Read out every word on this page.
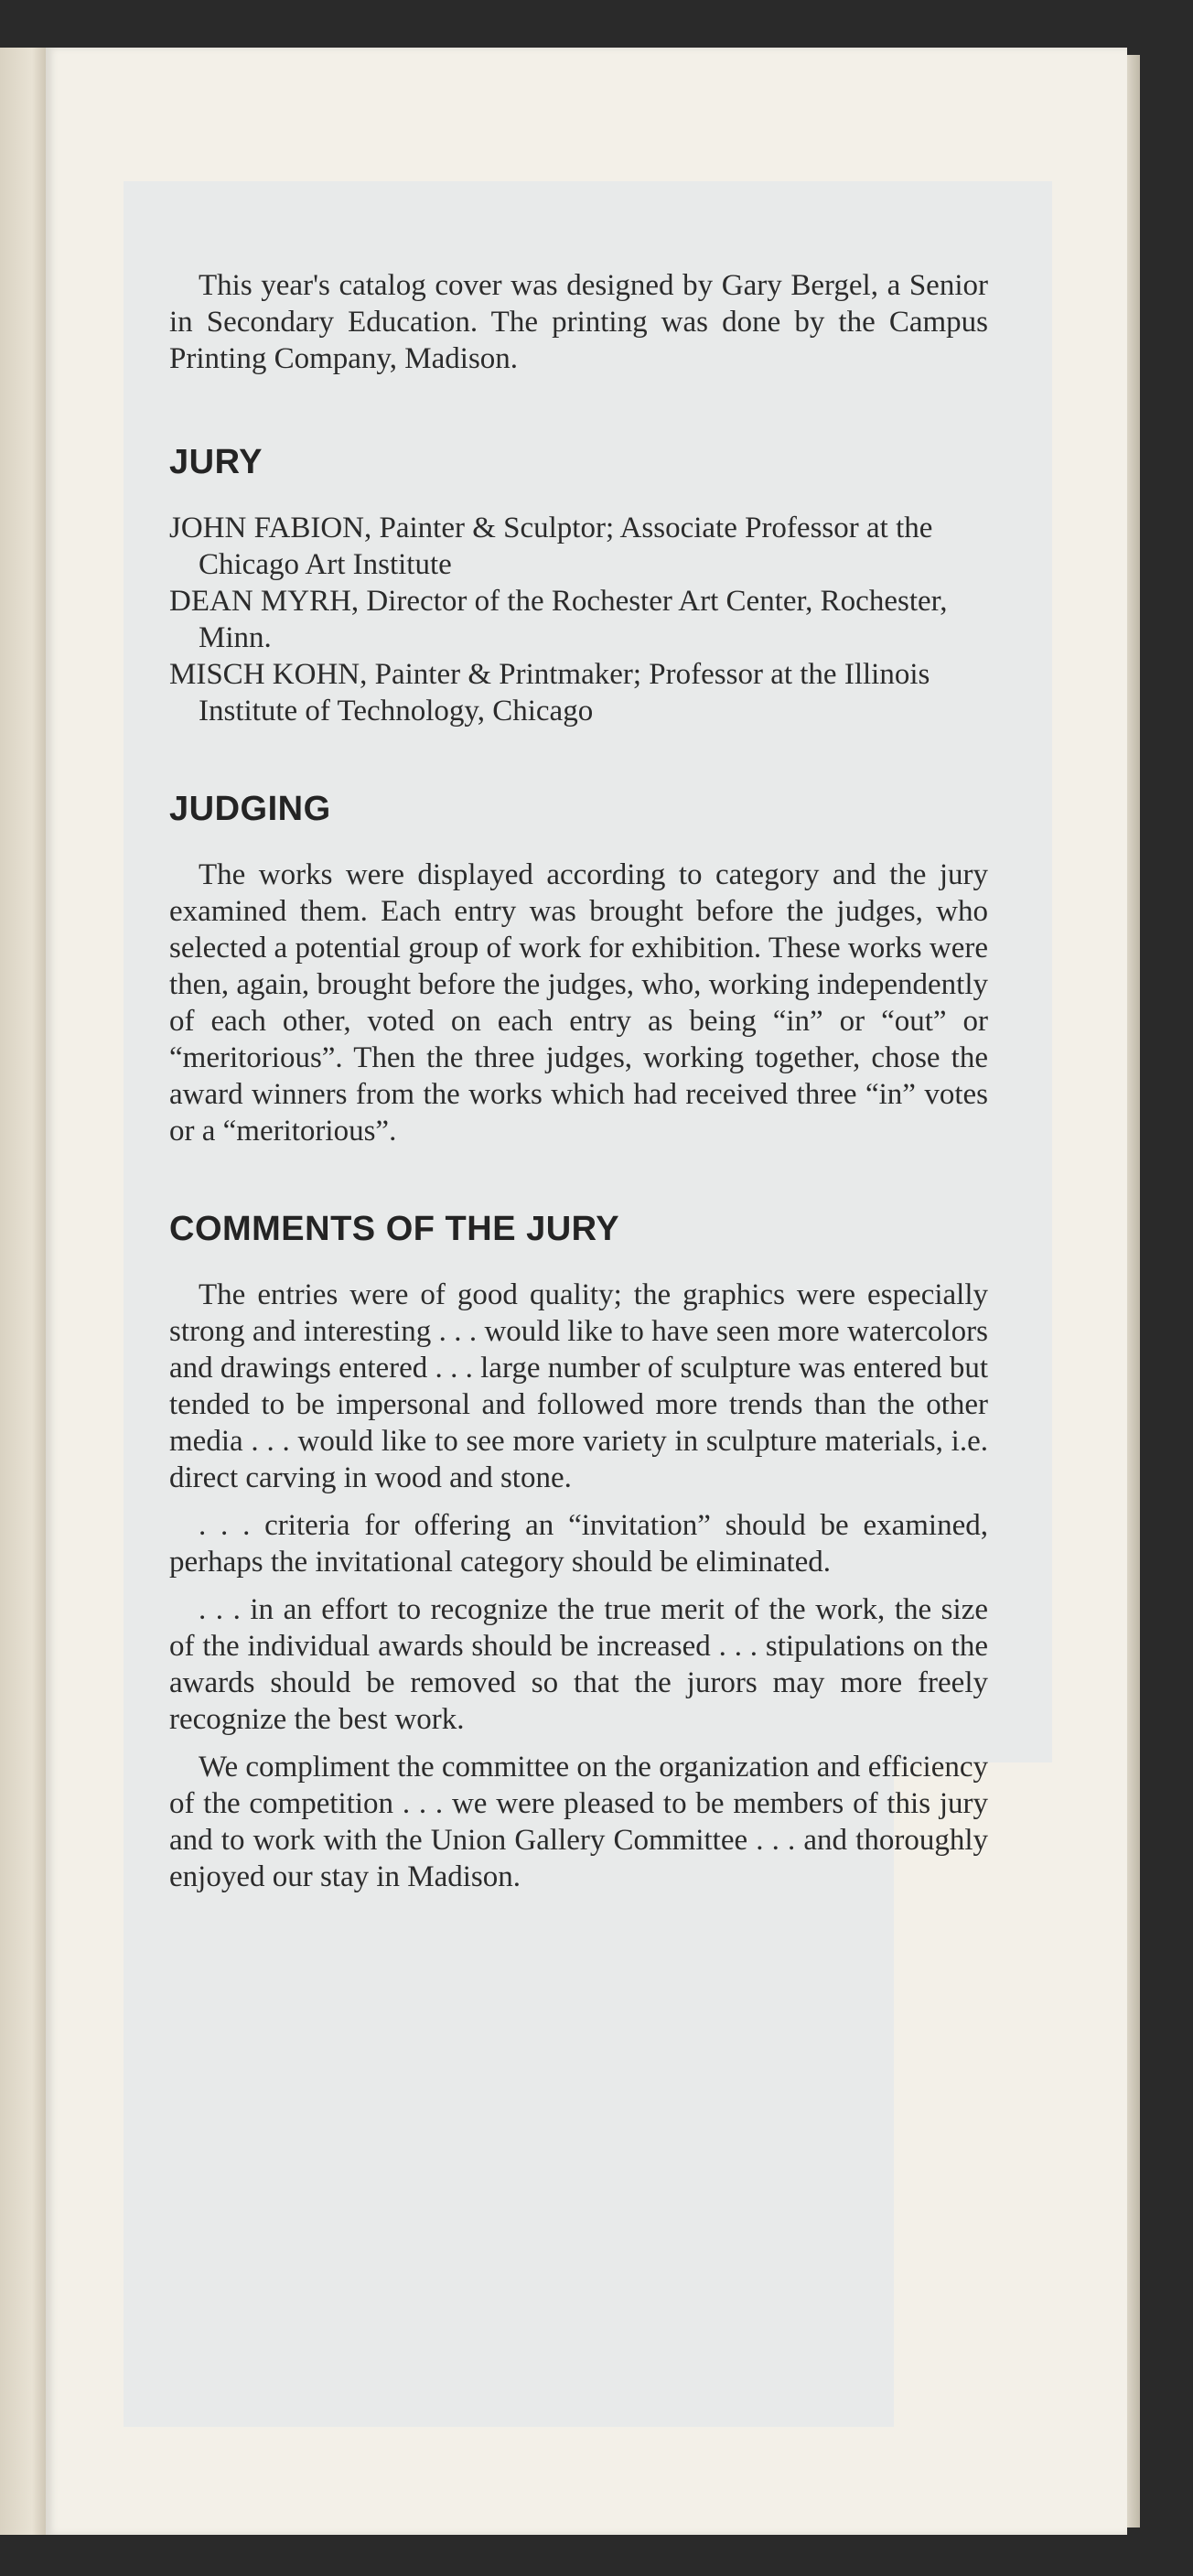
This year's catalog cover was designed by Gary Bergel, a Senior in Secondary Education. The printing was done by the Campus Printing Company, Madison.

JURY

JOHN FABION, Painter & Sculptor; Associate Professor at the Chicago Art Institute

DEAN MYRH, Director of the Rochester Art Center, Rochester, Minn.

MISCH KOHN, Painter & Printmaker; Professor at the Illinois Institute of Technology, Chicago

JUDGING

The works were displayed according to category and the jury examined them. Each entry was brought before the judges, who selected a potential group of work for exhibition. These works were then, again, brought before the judges, who, working independently of each other, voted on each entry as being “in” or “out” or “meritorious”. Then the three judges, working together, chose the award winners from the works which had received three “in” votes or a “meritorious”.

COMMENTS OF THE JURY

The entries were of good quality; the graphics were especially strong and interesting . . . would like to have seen more watercolors and drawings entered . . . large number of sculpture was entered but tended to be impersonal and followed more trends than the other media . . . would like to see more variety in sculpture materials, i.e. direct carving in wood and stone.

. . . criteria for offering an “invitation” should be examined, perhaps the invitational category should be eliminated.

. . . in an effort to recognize the true merit of the work, the size of the individual awards should be increased . . . stipulations on the awards should be removed so that the jurors may more freely recognize the best work.

We compliment the committee on the organization and efficiency of the competition . . . we were pleased to be members of this jury and to work with the Union Gallery Committee . . . and thoroughly enjoyed our stay in Madison.
